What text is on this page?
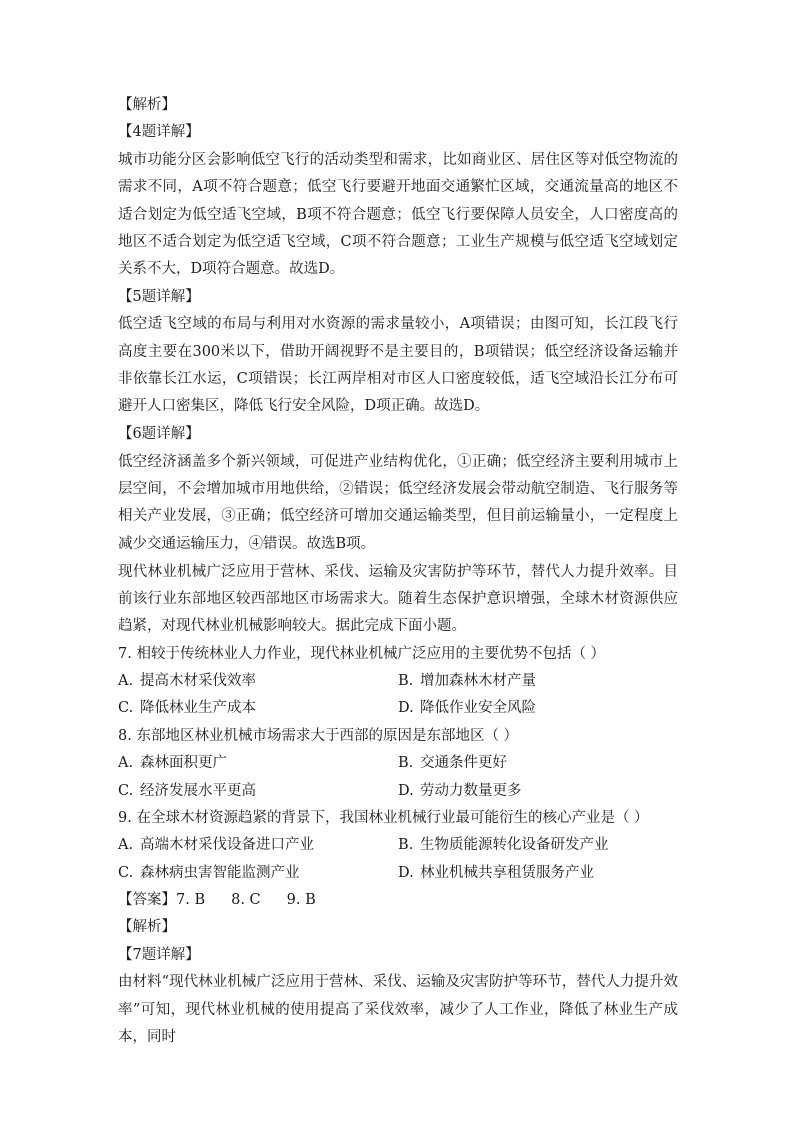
【解析】
【4题详解】
城市功能分区会影响低空飞行的活动类型和需求，比如商业区、居住区等对低空物流的需求不同，A项不符合题意；低空飞行要避开地面交通繁忙区域，交通流量高的地区不适合划定为低空适飞空域，B项不符合题意；低空飞行要保障人员安全，人口密度高的地区不适合划定为低空适飞空域，C项不符合题意；工业生产规模与低空适飞空域划定关系不大，D项符合题意。故选D。
【5题详解】
低空适飞空域的布局与利用对水资源的需求量较小，A项错误；由图可知，长江段飞行高度主要在300米以下，借助开阔视野不是主要目的，B项错误；低空经济设备运输并非依靠长江水运，C项错误；长江两岸相对市区人口密度较低，适飞空域沿长江分布可避开人口密集区，降低飞行安全风险，D项正确。故选D。
【6题详解】
低空经济涵盖多个新兴领域，可促进产业结构优化，①正确；低空经济主要利用城市上层空间，不会增加城市用地供给，②错误；低空经济发展会带动航空制造、飞行服务等相关产业发展，③正确；低空经济可增加交通运输类型，但目前运输量小，一定程度上减少交通运输压力，④错误。故选B项。
现代林业机械广泛应用于营林、采伐、运输及灾害防护等环节，替代人力提升效率。目前该行业东部地区较西部地区市场需求大。随着生态保护意识增强，全球木材资源供应趋紧，对现代林业机械影响较大。据此完成下面小题。
7. 相较于传统林业人力作业，现代林业机械广泛应用的主要优势不包括（ ）
A. 提高木材采伐效率	B. 增加森林木材产量
C. 降低林业生产成本	D. 降低作业安全风险
8. 东部地区林业机械市场需求大于西部的原因是东部地区（ ）
A. 森林面积更广	B. 交通条件更好
C. 经济发展水平更高	D. 劳动力数量更多
9. 在全球木材资源趋紧的背景下，我国林业机械行业最可能衍生的核心产业是（ ）
A. 高端木材采伐设备进口产业	B. 生物质能源转化设备研发产业
C. 森林病虫害智能监测产业	D. 林业机械共享租赁服务产业
【答案】7. B 8. C 9. B
【解析】
【7题详解】
由材料“现代林业机械广泛应用于营林、采伐、运输及灾害防护等环节，替代人力提升效率”可知，现代林业机械的使用提高了采伐效率，减少了人工作业，降低了林业生产成本，同时
